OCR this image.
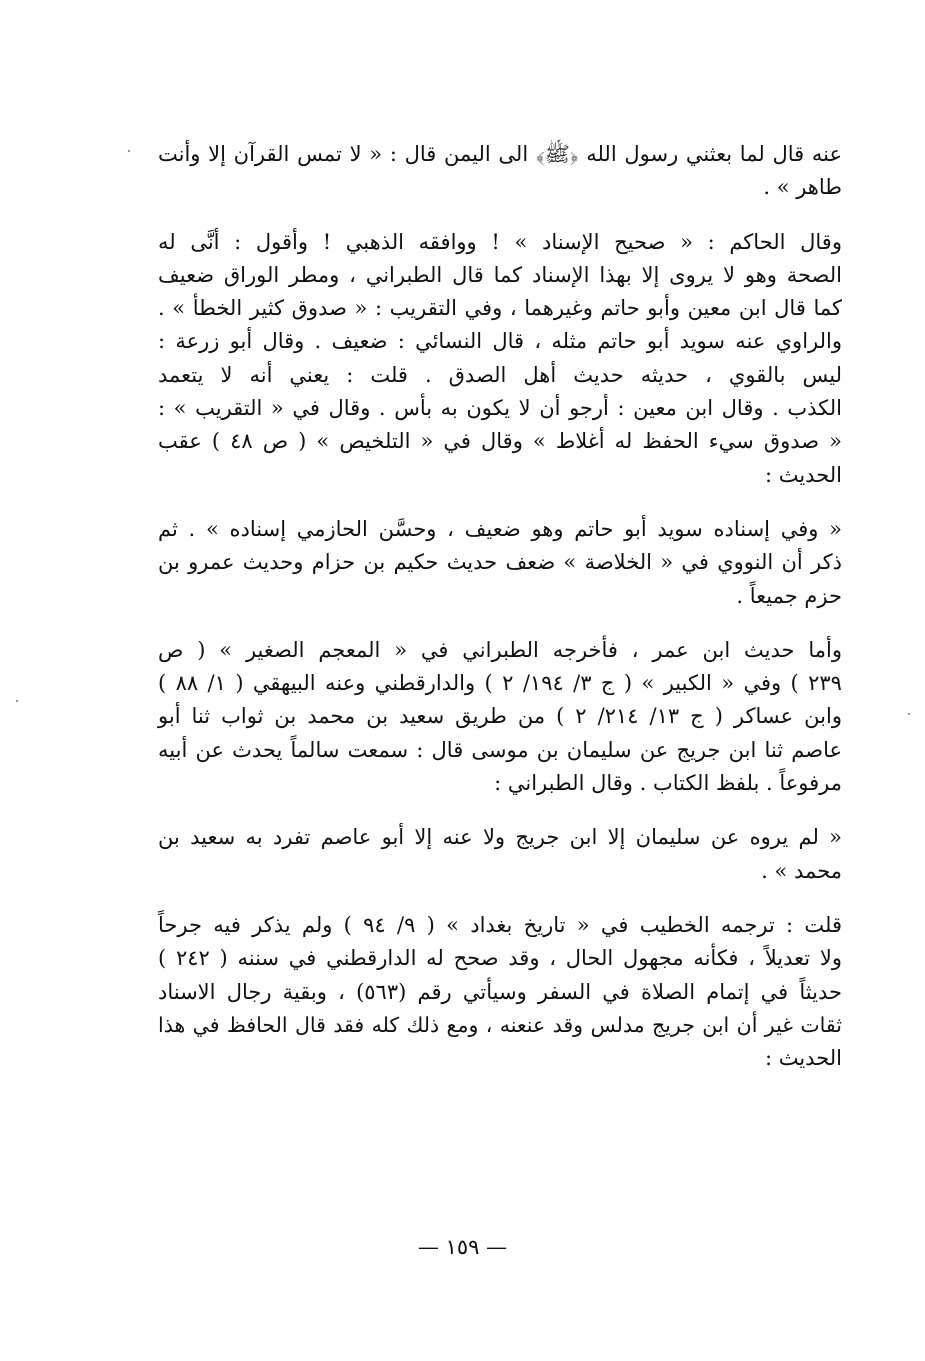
عنه قال لما بعثني رسول الله ﴿ﷺ﴾ الى اليمن قال : « لا تمس القرآن إلا وأنت
طاهر » .
وقال الحاكم : « صحيح الإسناد » ! ووافقه الذهبي ! وأقول : أنَّى له
الصحة وهو لا يروى إلا بهذا الإسناد كما قال الطبراني ، ومطر الوراق ضعيف
كما قال ابن معين وأبو حاتم وغيرهما ، وفي التقريب : « صدوق كثير الخطأ » .
والراوي عنه سويد أبو حاتم مثله ، قال النسائي : ضعيف . وقال أبو زرعة :
ليس بالقوي ، حديثه حديث أهل الصدق . قلت : يعني أنه لا يتعمد
الكذب . وقال ابن معين : أرجو أن لا يكون به بأس . وقال في « التقريب » :
« صدوق سيء الحفظ له أغلاط » وقال في « التلخيص » ( ص ٤٨ ) عقب
الحديث :
« وفي إسناده سويد أبو حاتم وهو ضعيف ، وحسَّن الحازمي إسناده » . ثم
ذكر أن النووي في « الخلاصة » ضعف حديث حكيم بن حزام وحديث عمرو بن
حزم جميعاً .
وأما حديث ابن عمر ، فأخرجه الطبراني في « المعجم الصغير » ( ص
٢٣٩ ) وفي « الكبير » ( ج ٣/ ١٩٤/ ٢ ) والدارقطني وعنه البيهقي ( ١/ ٨٨ )
وابن عساكر ( ج ١٣/ ٢١٤/ ٢ ) من طريق سعيد بن محمد بن ثواب ثنا أبو
عاصم ثنا ابن جريج عن سليمان بن موسى قال : سمعت سالماً يحدث عن أبيه
مرفوعاً . بلفظ الكتاب . وقال الطبراني :
« لم يروه عن سليمان إلا ابن جريج ولا عنه إلا أبو عاصم تفرد به سعيد بن
محمد » .
قلت : ترجمه الخطيب في « تاريخ بغداد » ( ٩/ ٩٤ ) ولم يذكر فيه جرحاً
ولا تعديلاً ، فكأنه مجهول الحال ، وقد صحح له الدارقطني في سننه ( ٢٤٢ )
حديثاً في إتمام الصلاة في السفر وسيأتي رقم (٥٦٣) ، وبقية رجال الاسناد
ثقات غير أن ابن جريج مدلس وقد عنعنه ، ومع ذلك كله فقد قال الحافظ في هذا
الحديث :
— ١٥٩ —
